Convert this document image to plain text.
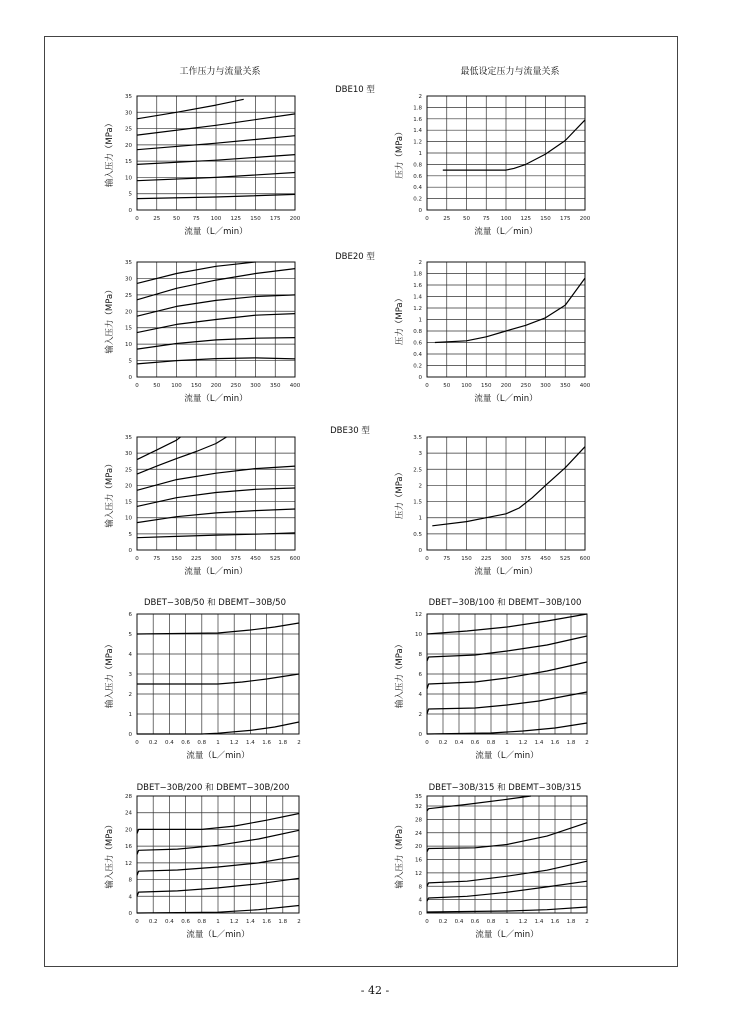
工作压力与流量关系	最低设定压力与流量关系
DBE10 型
DBE20 型
DBE30 型
DBET−30B/50 和 DBEMT−30B/50	DBET−30B/100 和 DBEMT−30B/100
DBET−30B/200 和 DBEMT−30B/200	DBET−30B/315 和 DBEMT−30B/315
0	25 50 75 100 125 150 175 200
0
5
10
15
20
25
30
35
流量（L／min）
输入压力（MPa）
0	25 50 75 100 125 150 175 200
0
0.2
0.4
0.6
0.8
1
1.2
1.4
1.6
1.8
2
流量（L／min）
压力（MPa）
0	50 100 150 200 250 300 350 400
0
5
10
15
20
25
30
35
流量（L／min）
输入压力（MPa）
0	50 100 150 200 250 300 350 400
0
0.2
0.4
0.6
0.8
1
1.2
1.4
1.6
1.8
2
流量（L／min）
压力（MPa）
0	75 150 225 300 375 450 525 600
0
5
10
15
20
25
30
35
流量（L／min）
输入压力（MPa）
0	75 150 225 300 375 450 525 600
0
0.5
1
1.5
2
2.5
3
3.5
流量（L／min）
压力（MPa）
0 0.2 0.4 0.6 0.8 1 1.2 1.4 1.6 1.8 2
0
1
2
3
4
5
6
流量（L／min）
输入压力（MPa）
0 0.2 0.4 0.6 0.8 1 1.2 1.4 1.6 1.8 2
0
2
4
6
8
10
12
流量（L／min）
输入压力（MPa）
0 0.2 0.4 0.6 0.8 1 1.2 1.4 1.6 1.8 2
0
4
8
12
16
20
24
28
流量（L／min）
输入压力（MPa）
0 0.2 0.4 0.6 0.8 1 1.2 1.4 1.6 1.8 2
0
4
8
12
16
20
24
28
32
35
流量（L／min）
输入压力（MPa）
- 42 -
